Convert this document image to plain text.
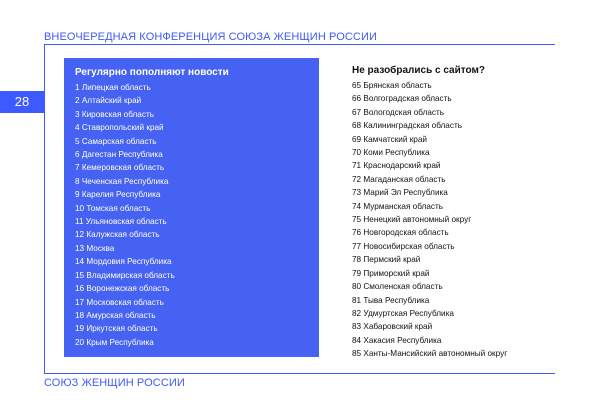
ВНЕОЧЕРЕДНАЯ КОНФЕРЕНЦИЯ СОЮЗА ЖЕНЩИН РОССИИ
28
Регулярно пополняют новости
1 Липецкая область
2 Алтайский край
3 Кировская область
4 Ставропольский край
5 Самарская область
6 Дагестан Республика
7 Кемеровская область
8 Чеченская Республика
9 Карелия Республика
10 Томская область
11 Ульяновская область
12 Калужская область
13 Москва
14 Мордовия Республика
15 Владимирская область
16 Воронежская область
17 Московская область
18 Амурская область
19 Иркутская область
20 Крым Республика
Не разобрались с сайтом?
65 Брянская область
66 Волгоградская область
67 Вологодская область
68 Калининградская область
69 Камчатский край
70 Коми Республика
71 Краснодарский край
72 Магаданская область
73 Марий Эл Республика
74 Мурманская область
75 Ненецкий автономный округ
76 Новгородская область
77 Новосибирская область
78 Пермский край
79 Приморский край
80 Смоленская область
81 Тыва Республика
82 Удмуртская Республика
83 Хабаровский край
84 Хакасия Республика
85 Ханты-Мансийский автономный округ
СОЮЗ ЖЕНЩИН РОССИИ
